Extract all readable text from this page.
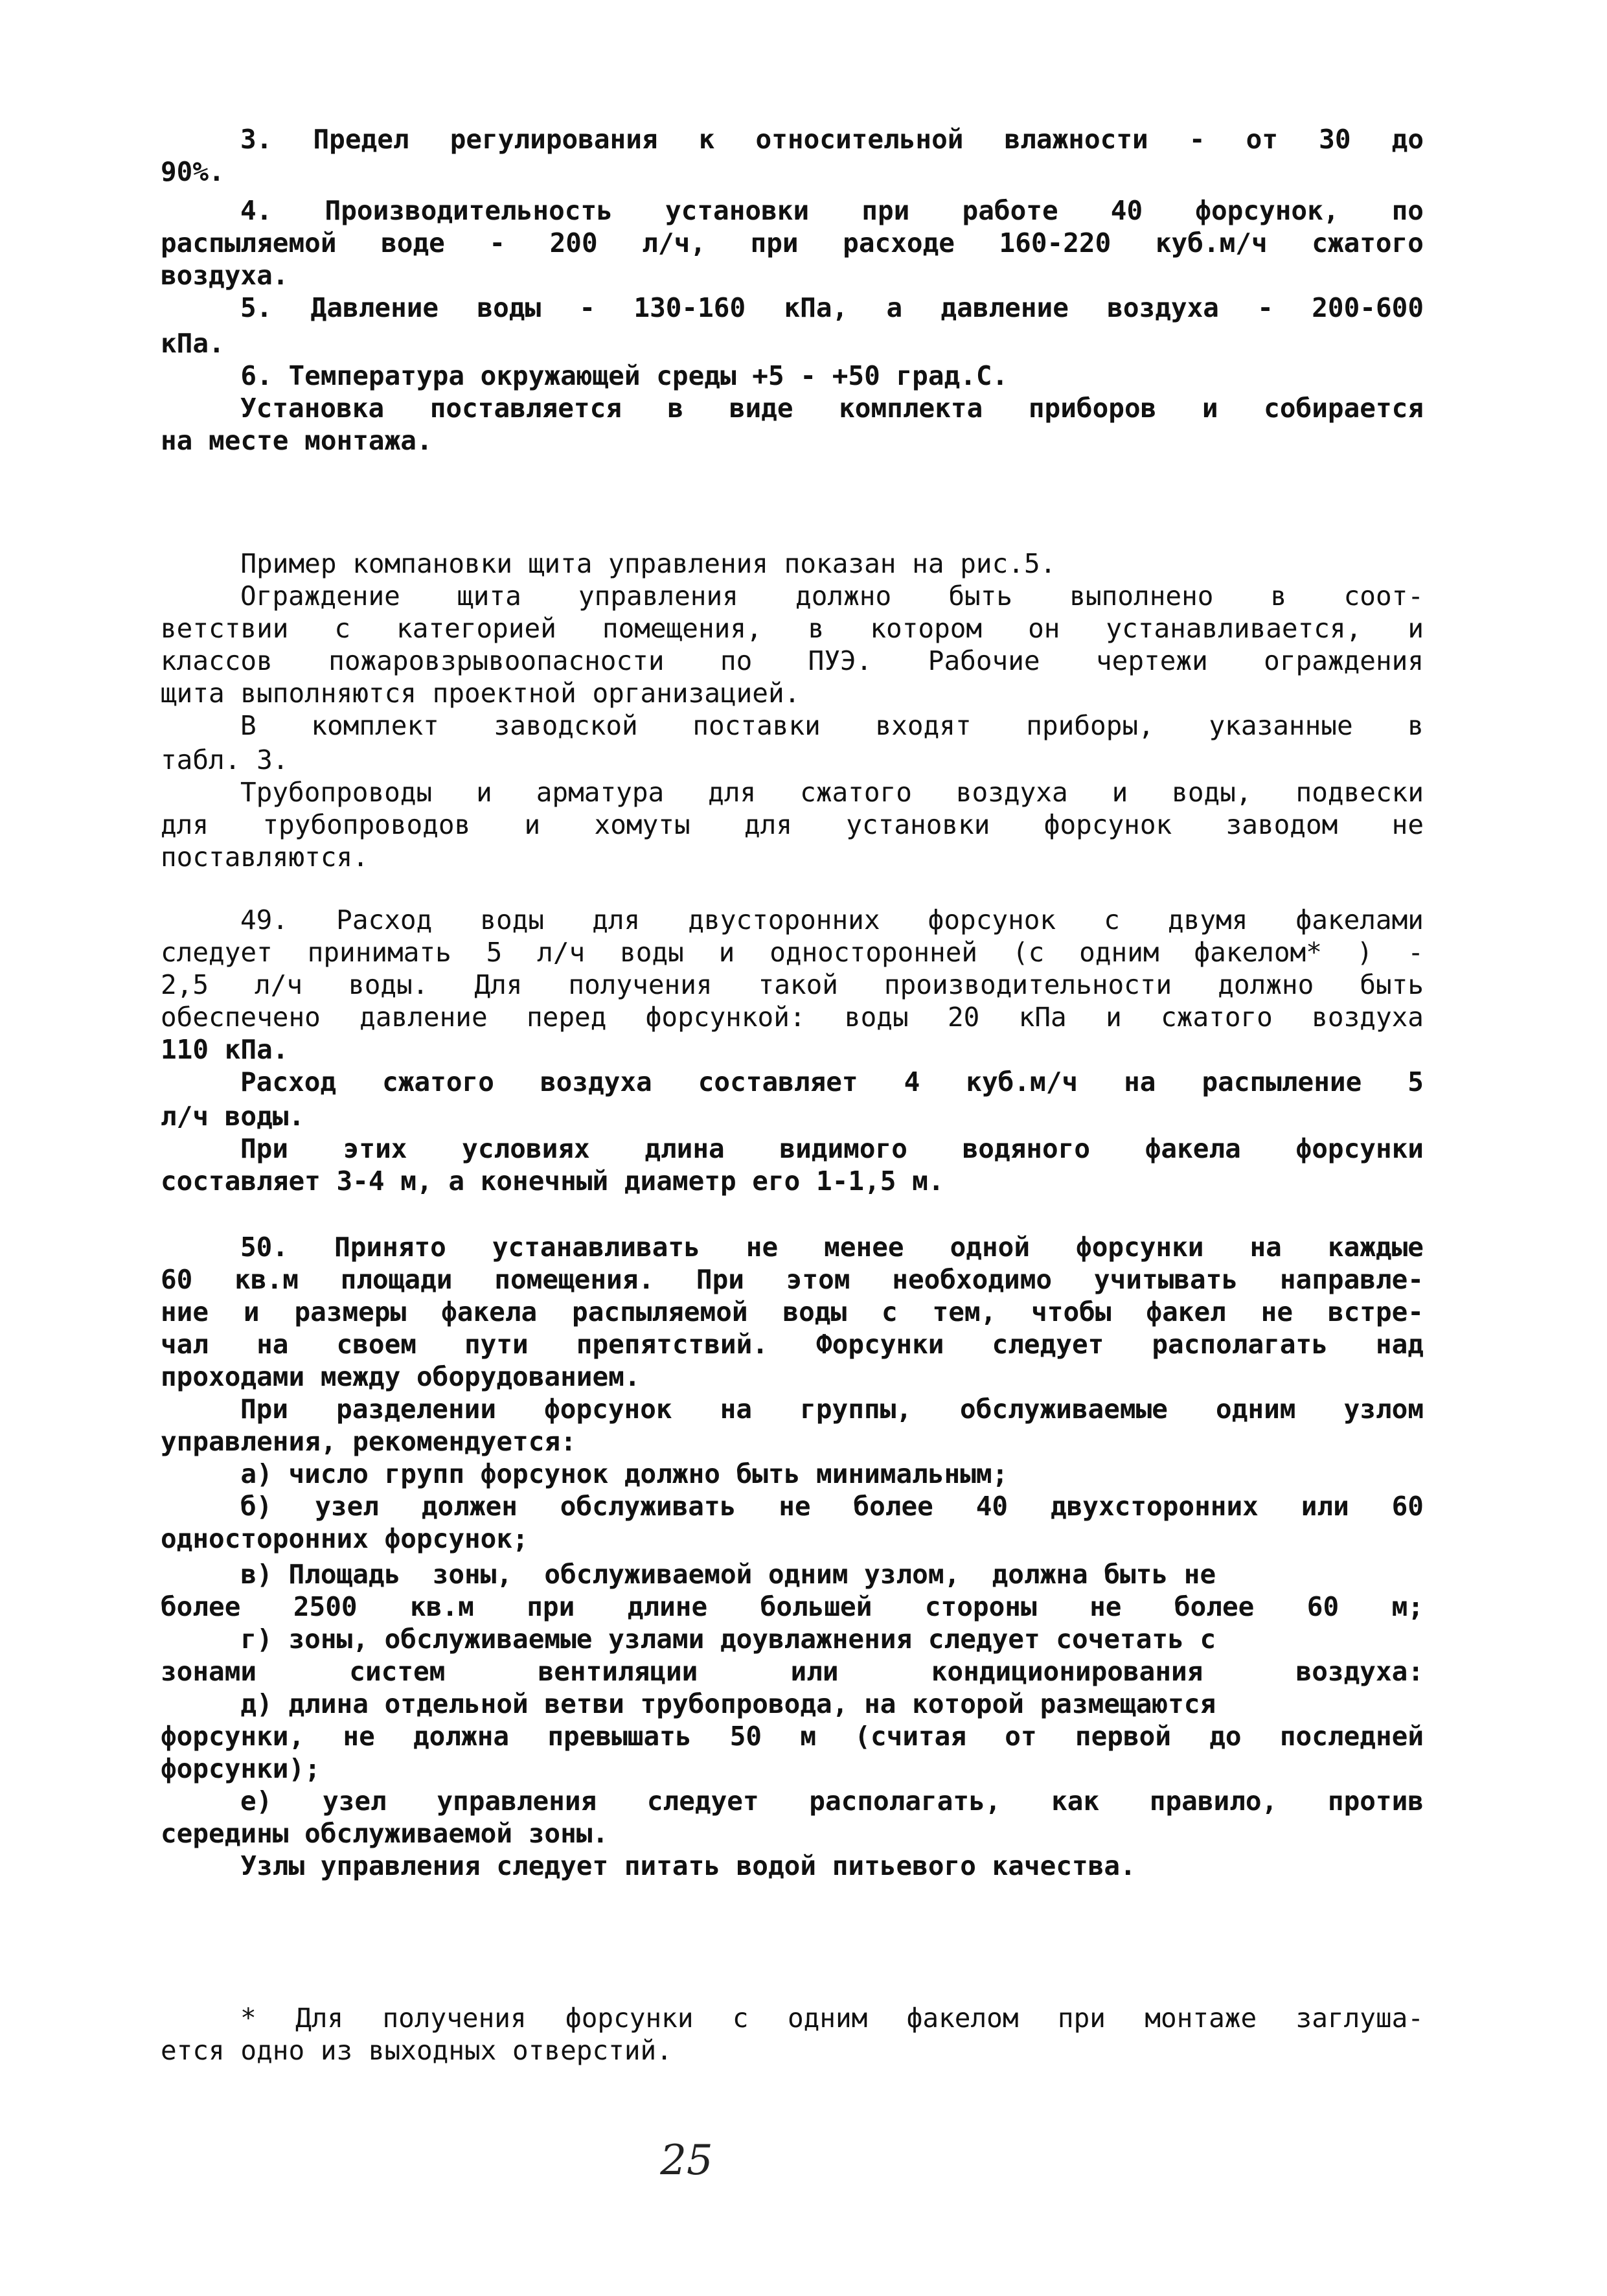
3. Предел регулирования к относительной влажности - от 30 до
90%.
4. Производительность установки при работе 40 форсунок, по
распыляемой воде - 200 л/ч, при расходе 160-220 куб.м/ч сжатого
воздуха.
5. Давление воды - 130-160 кПа, а давление воздуха - 200-600
кПа.
6. Температура окружающей среды +5 - +50 град.С.
Установка поставляется в виде комплекта приборов и собирается
на месте монтажа.
Пример компановки щита управления показан на рис.5.
Ограждение щита управления должно быть выполнено в соот-
ветствии с категорией помещения, в котором он устанавливается, и
классов пожаровзрывоопасности по ПУЭ. Рабочие чертежи ограждения
щита выполняются проектной организацией.
В комплект заводской поставки входят приборы, указанные в
табл. 3.
Трубопроводы и арматура для сжатого воздуха и воды, подвески
для трубопроводов и хомуты для установки форсунок заводом не
поставляются.
49. Расход воды для двусторонних форсунок с двумя факелами
следует принимать 5 л/ч воды и односторонней (с одним факелом* ) -
2,5 л/ч воды. Для получения такой производительности должно быть
обеспечено давление перед форсункой: воды 20 кПа и сжатого воздуха
110 кПа.
Расход сжатого воздуха составляет 4 куб.м/ч на распыление 5
л/ч воды.
При этих условиях длина видимого водяного факела форсунки
составляет 3-4 м, а конечный диаметр его 1-1,5 м.
50. Принято устанавливать не менее одной форсунки на каждые
60 кв.м площади помещения. При этом необходимо учитывать направле-
ние и размеры факела распыляемой воды с тем, чтобы факел не встре-
чал на своем пути препятствий. Форсунки следует располагать над
проходами между оборудованием.
При разделении форсунок на группы, обслуживаемые одним узлом
управления, рекомендуется:
а) число групп форсунок должно быть минимальным;
б) узел должен обслуживать не более 40 двухсторонних или 60
односторонних форсунок;
в) Площадь  зоны,  обслуживаемой одним узлом,  должна быть не
более 2500 кв.м при длине большей стороны не более 60 м;
г) зоны, обслуживаемые узлами доувлажнения следует сочетать с
зонами систем вентиляции или кондиционирования воздуха:
д) длина отдельной ветви трубопровода, на которой размещаются
форсунки, не должна превышать 50 м (считая от первой до последней
форсунки);
е) узел управления следует располагать, как правило, против
середины обслуживаемой зоны.
Узлы управления следует питать водой питьевого качества.
* Для получения форсунки с одним факелом при монтаже заглуша-
ется одно из выходных отверстий.
25
